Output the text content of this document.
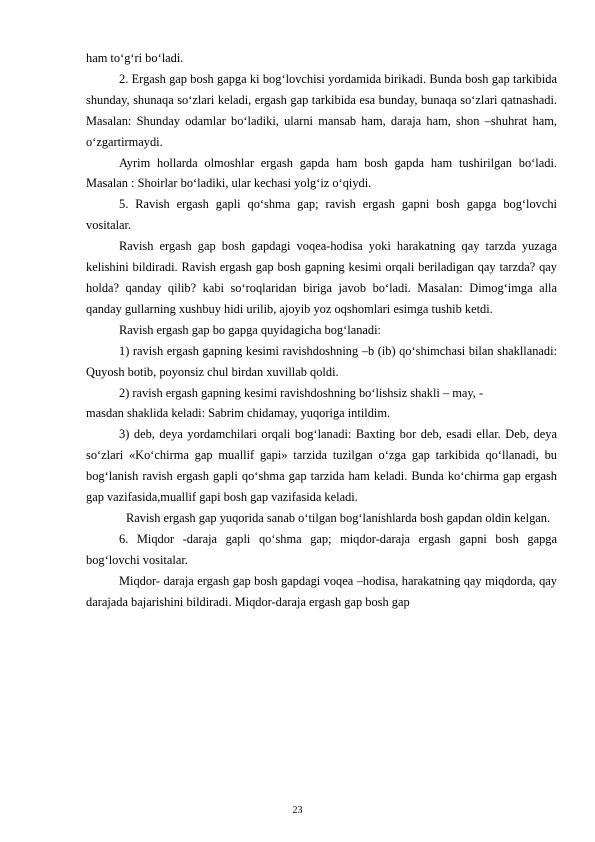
ham toʻgʻri boʻladi.

2. Ergash gap bosh gapga ki bogʻlovchisi yordamida birikadi. Bunda bosh gap tarkibida shunday, shunaqa soʻzlari keladi, ergash gap tarkibida esa bunday, bunaqa soʻzlari qatnashadi. Masalan: Shunday odamlar boʻladiki, ularni mansab ham, daraja ham, shon –shuhrat ham, oʻzgartirmaydi.

Ayrim hollarda olmoshlar ergash gapda ham bosh gapda ham tushirilgan boʻladi. Masalan : Shoirlar boʻladiki, ular kechasi yolgʻiz oʻqiydi.

5. Ravish ergash gapli qoʻshma gap; ravish ergash gapni bosh gapga bogʻlovchi vositalar.

Ravish ergash gap bosh gapdagi voqea-hodisa yoki harakatning qay tarzda yuzaga kelishini bildiradi. Ravish ergash gap bosh gapning kesimi orqali beriladigan qay tarzda? qay holda? qanday qilib? kabi soʻroqlaridan biriga javob boʻladi. Masalan: Dimogʻimga alla qanday gullarning xushbuy hidi urilib, ajoyib yoz oqshomlari esimga tushib ketdi.

Ravish ergash gap bo gapga quyidagicha bogʻlanadi:

1) ravish ergash gapning kesimi ravishdoshning –b (ib) qoʻshimchasi bilan shakllanadi: Quyosh botib, poyonsiz chul birdan xuvillab qoldi.

2) ravish ergash gapning kesimi ravishdoshning boʻlishsiz shakli – may, -

masdan shaklida keladi: Sabrim chidamay, yuqoriga intildim.

3) deb, deya yordamchilari orqali bogʻlanadi: Baxting bor deb, esadi ellar. Deb, deya soʻzlari «Koʻchirma gap muallif gapi» tarzida tuzilgan oʻzga gap tarkibida qoʻllanadi, bu bogʻlanish ravish ergash gapli qoʻshma gap tarzida ham keladi. Bunda koʻchirma gap ergash gap vazifasida,muallif gapi bosh gap vazifasida keladi.

Ravish ergash gap yuqorida sanab oʻtilgan bogʻlanishlarda bosh gapdan oldin kelgan.

6. Miqdor -daraja gapli qoʻshma gap; miqdor-daraja ergash gapni bosh gapga bogʻlovchi vositalar.

Miqdor- daraja ergash gap bosh gapdagi voqea –hodisa, harakatning qay miqdorda, qay darajada bajarishini bildiradi. Miqdor-daraja ergash gap bosh gap

23
